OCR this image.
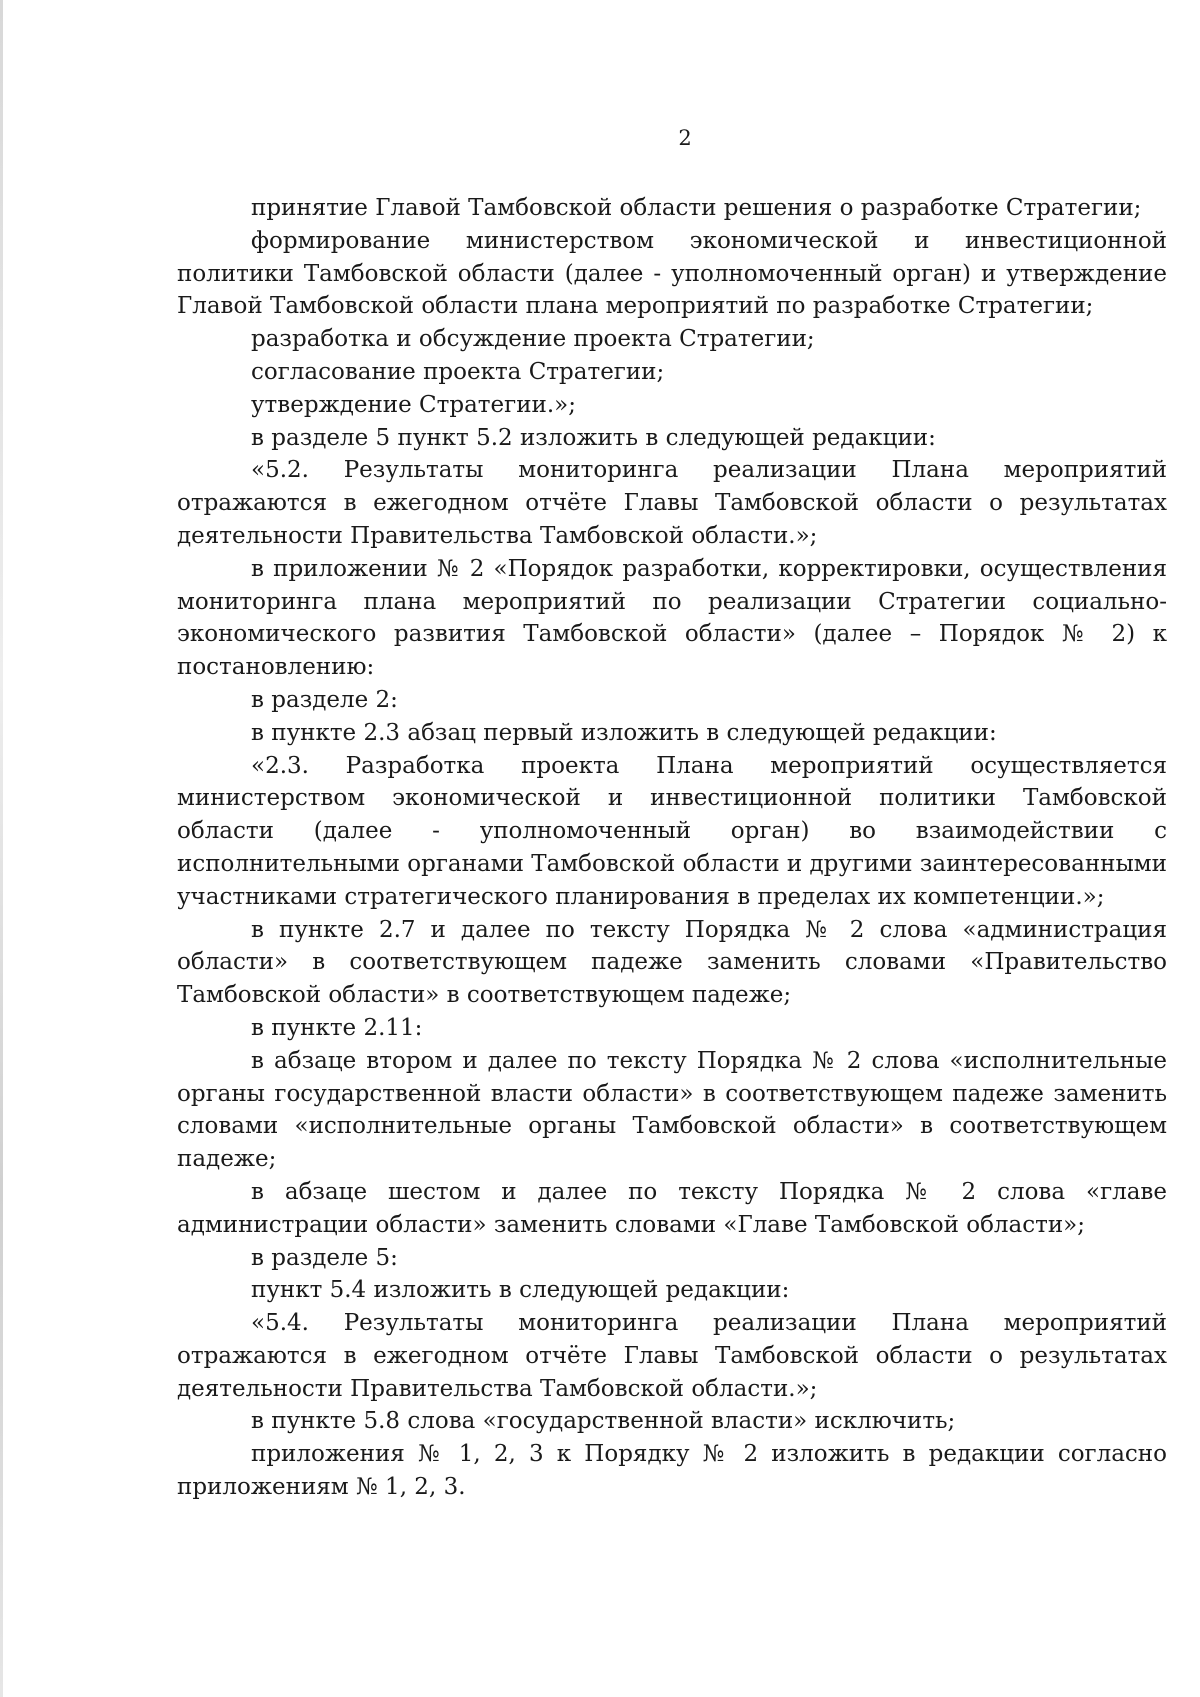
2

принятие Главой Тамбовской области решения о разработке Стратегии;

формирование министерством экономической и инвестиционной политики Тамбовской области (далее - уполномоченный орган) и утверждение Главой Тамбовской области плана мероприятий по разработке Стратегии;

разработка и обсуждение проекта Стратегии;

согласование проекта Стратегии;

утверждение Стратегии.»;

в разделе 5 пункт 5.2 изложить в следующей редакции:

«5.2. Результаты мониторинга реализации Плана мероприятий отражаются в ежегодном отчёте Главы Тамбовской области о результатах деятельности Правительства Тамбовской области.»;

в приложении № 2 «Порядок разработки, корректировки, осуществления мониторинга плана мероприятий по реализации Стратегии социально-экономического развития Тамбовской области» (далее – Порядок № 2) к постановлению:

в разделе 2:

в пункте 2.3 абзац первый изложить в следующей редакции:

«2.3. Разработка проекта Плана мероприятий осуществляется министерством экономической и инвестиционной политики Тамбовской области (далее - уполномоченный орган) во взаимодействии с исполнительными органами Тамбовской области и другими заинтересованными участниками стратегического планирования в пределах их компетенции.»;

в пункте 2.7 и далее по тексту Порядка № 2 слова «администрация области» в соответствующем падеже заменить словами «Правительство Тамбовской области» в соответствующем падеже;

в пункте 2.11:

в абзаце втором и далее по тексту Порядка № 2 слова «исполнительные органы государственной власти области» в соответствующем падеже заменить словами «исполнительные органы Тамбовской области» в соответствующем падеже;

в абзаце шестом и далее по тексту Порядка № 2 слова «главе администрации области» заменить словами «Главе Тамбовской области»;

в разделе 5:

пункт 5.4 изложить в следующей редакции:

«5.4. Результаты мониторинга реализации Плана мероприятий отражаются в ежегодном отчёте Главы Тамбовской области о результатах деятельности Правительства Тамбовской области.»;

в пункте 5.8 слова «государственной власти» исключить;

приложения № 1, 2, 3 к Порядку № 2 изложить в редакции согласно приложениям № 1, 2, 3.
